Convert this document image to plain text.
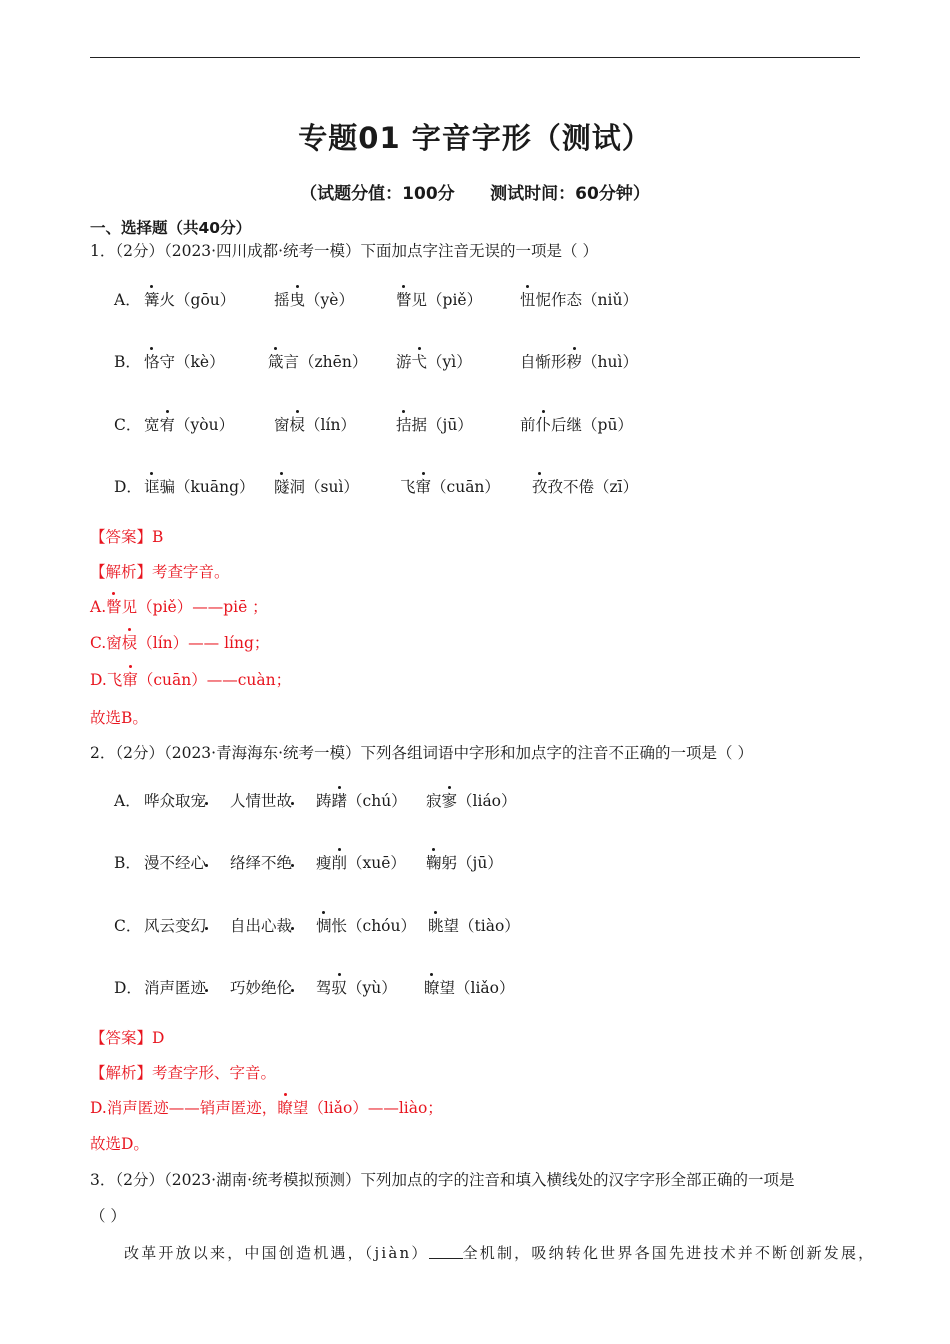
专题01 字音字形（测试）
（试题分值：100分      测试时间：60分钟）
一、选择题（共40分）
1．（2分）（2023·四川成都·统考一模）下面加点字注音无误的一项是（ ）
A． 篝火（gōu） 摇曳（yè）	瞥见（piě） 忸怩作态（niǔ）
B． 恪守（kè）	箴言（zhēn） 游弋（yì）	自惭形秽（huì）
C． 宽宥（yòu）	窗棂（lín）	拮据（jū）	前仆后继（pū）
D． 诓骗（kuāng） 隧洞（suì）	飞窜（cuān） 孜孜不倦（zī）
【答案】B
【解析】考查字音。
A.瞥见（piě）——piē ；
C.窗棂（lín）—— líng；
D.飞窜（cuān）——cuàn；
故选B。
2．（2分）（2023·青海海东·统考一模）下列各组词语中字形和加点字的注音不正确的一项是（ ）
A． 哗众取宠 人情世故 踌躇（chú） 寂寥（liáo）
B． 漫不经心 络绎不绝 瘦削（xuē） 鞠躬（jū）
C． 风云变幻 自出心裁 惆怅（chóu） 眺望（tiào）
D． 消声匿迹 巧妙绝伦 驾驭（yù） 瞭望（liǎo）
【答案】D
【解析】考查字形、字音。
D.消声匿迹——销声匿迹，瞭望（liǎo）——liào；
故选D。
3．（2分）（2023·湖南·统考模拟预测）下列加点的字的注音和填入横线处的汉字字形全部正确的一项是
（ ）
改革开放以来，中国创造机遇，（jiàn） 全机制，吸纳转化世界各国先进技术并不断创新发展，
